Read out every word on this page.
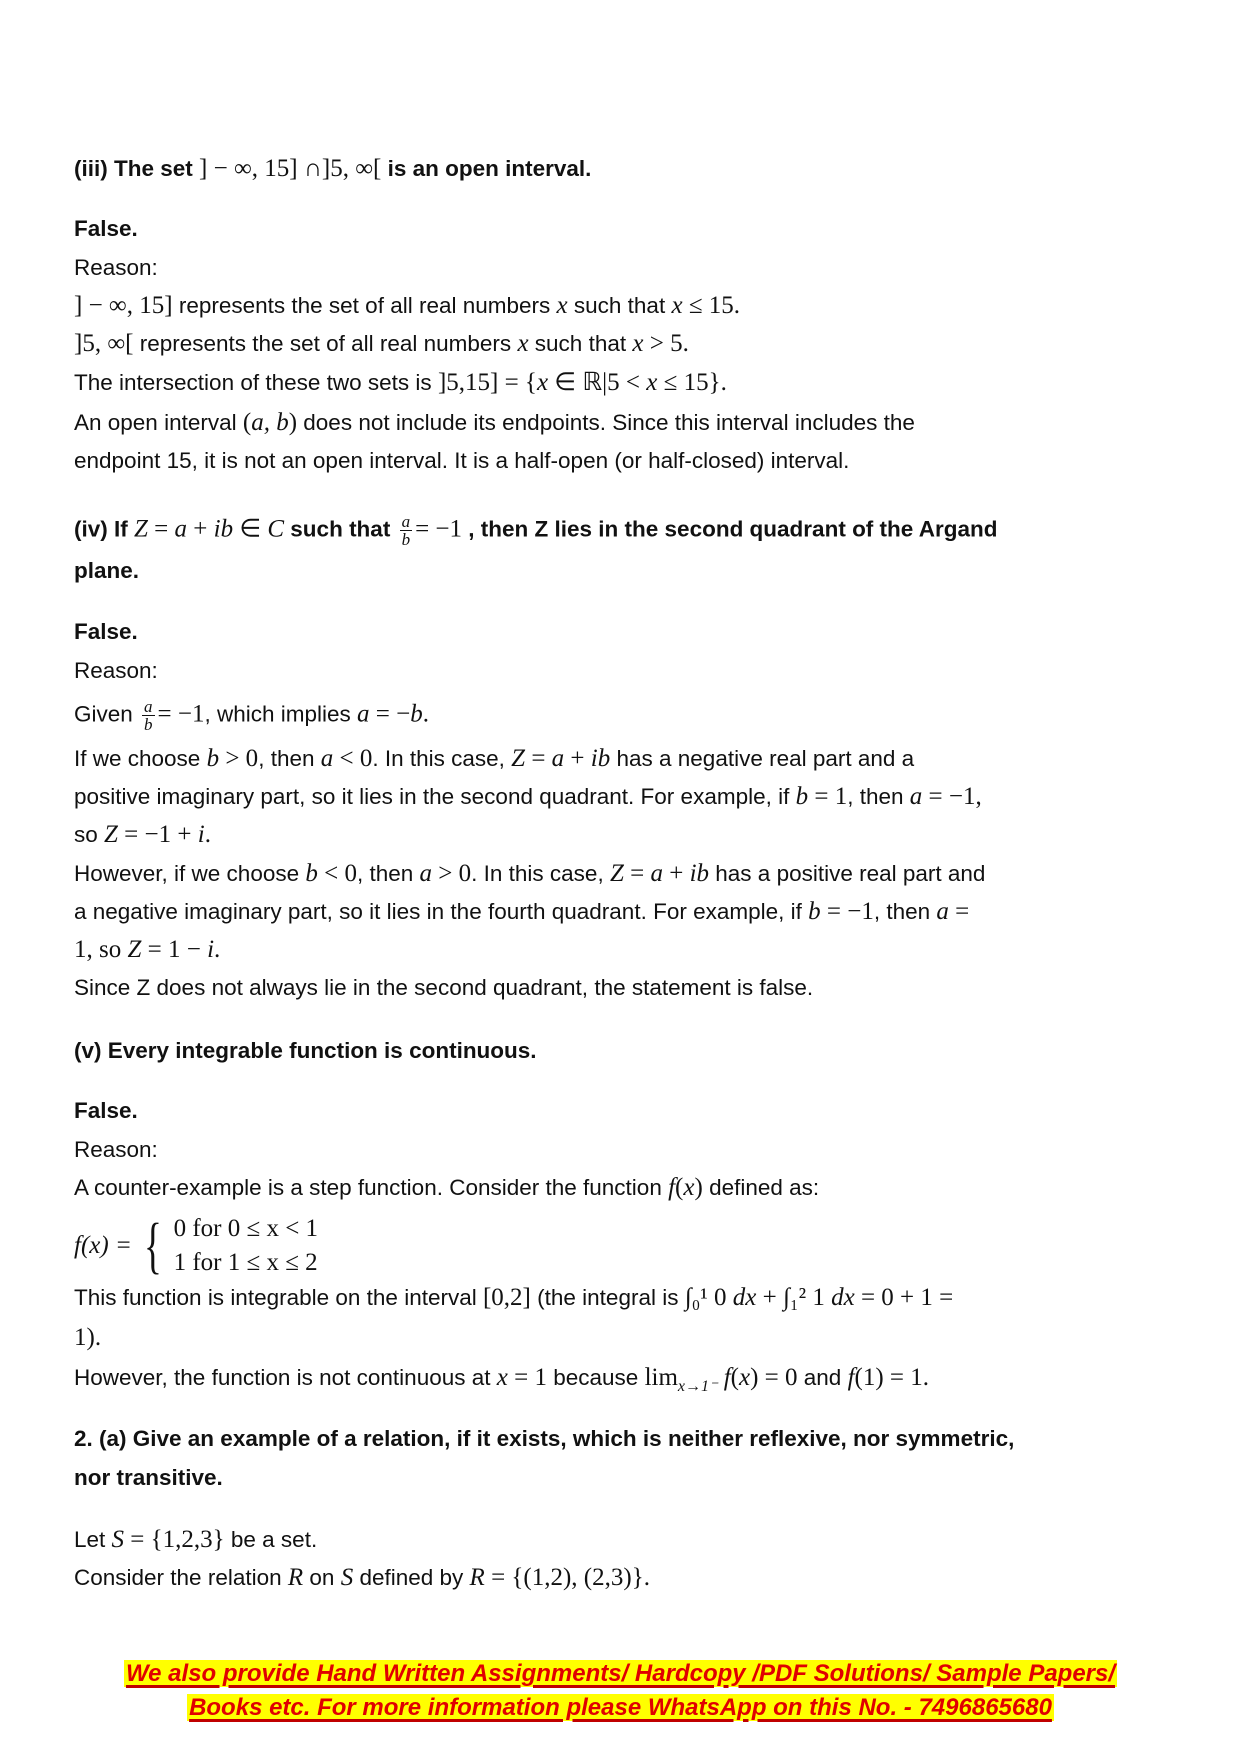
(iii) The set ] − ∞, 15] ∩]5, ∞[ is an open interval.
False.
Reason:
] − ∞, 15] represents the set of all real numbers x such that x ≤ 15.
]5, ∞[ represents the set of all real numbers x such that x > 5.
The intersection of these two sets is ]5,15] = {x ∈ ℝ|5 < x ≤ 15}.
An open interval (a, b) does not include its endpoints. Since this interval includes the
endpoint 15, it is not an open interval. It is a half-open (or half-closed) interval.
(iv) If Z = a + ib ∈ C such that $\frac{a}{b} = -1$ , then Z lies in the second quadrant of the Argand
plane.
False.
Reason:
Given $\frac{a}{b} = -1$, which implies a = −b.
If we choose b > 0, then a < 0. In this case, Z = a + ib has a negative real part and a
positive imaginary part, so it lies in the second quadrant. For example, if b = 1, then a = −1,
so Z = −1 + i.
However, if we choose b < 0, then a > 0. In this case, Z = a + ib has a positive real part and
a negative imaginary part, so it lies in the fourth quadrant. For example, if b = −1, then a =
1, so Z = 1 − i.
Since Z does not always lie in the second quadrant, the statement is false.
(v) Every integrable function is continuous.
False.
Reason:
A counter-example is a step function. Consider the function f(x) defined as:
This function is integrable on the interval [0,2] (the integral is ∫₀¹ 0 dx + ∫₁² 1 dx = 0 + 1 =
1).
However, the function is not continuous at x = 1 because $\lim_{x\to 1^-} f(x) = 0$ and f(1) = 1.
2. (a) Give an example of a relation, if it exists, which is neither reflexive, nor symmetric,
nor transitive.
Let S = {1,2,3} be a set.
Consider the relation R on S defined by R = {(1,2), (2,3)}.
f(x) = { 0 for 0 ≤ x < 1
1 for 1 ≤ x ≤ 2
We also provide Hand Written Assignments/ Hardcopy /PDF Solutions/ Sample Papers/
Books etc. For more information please WhatsApp on this No. - 7496865680
